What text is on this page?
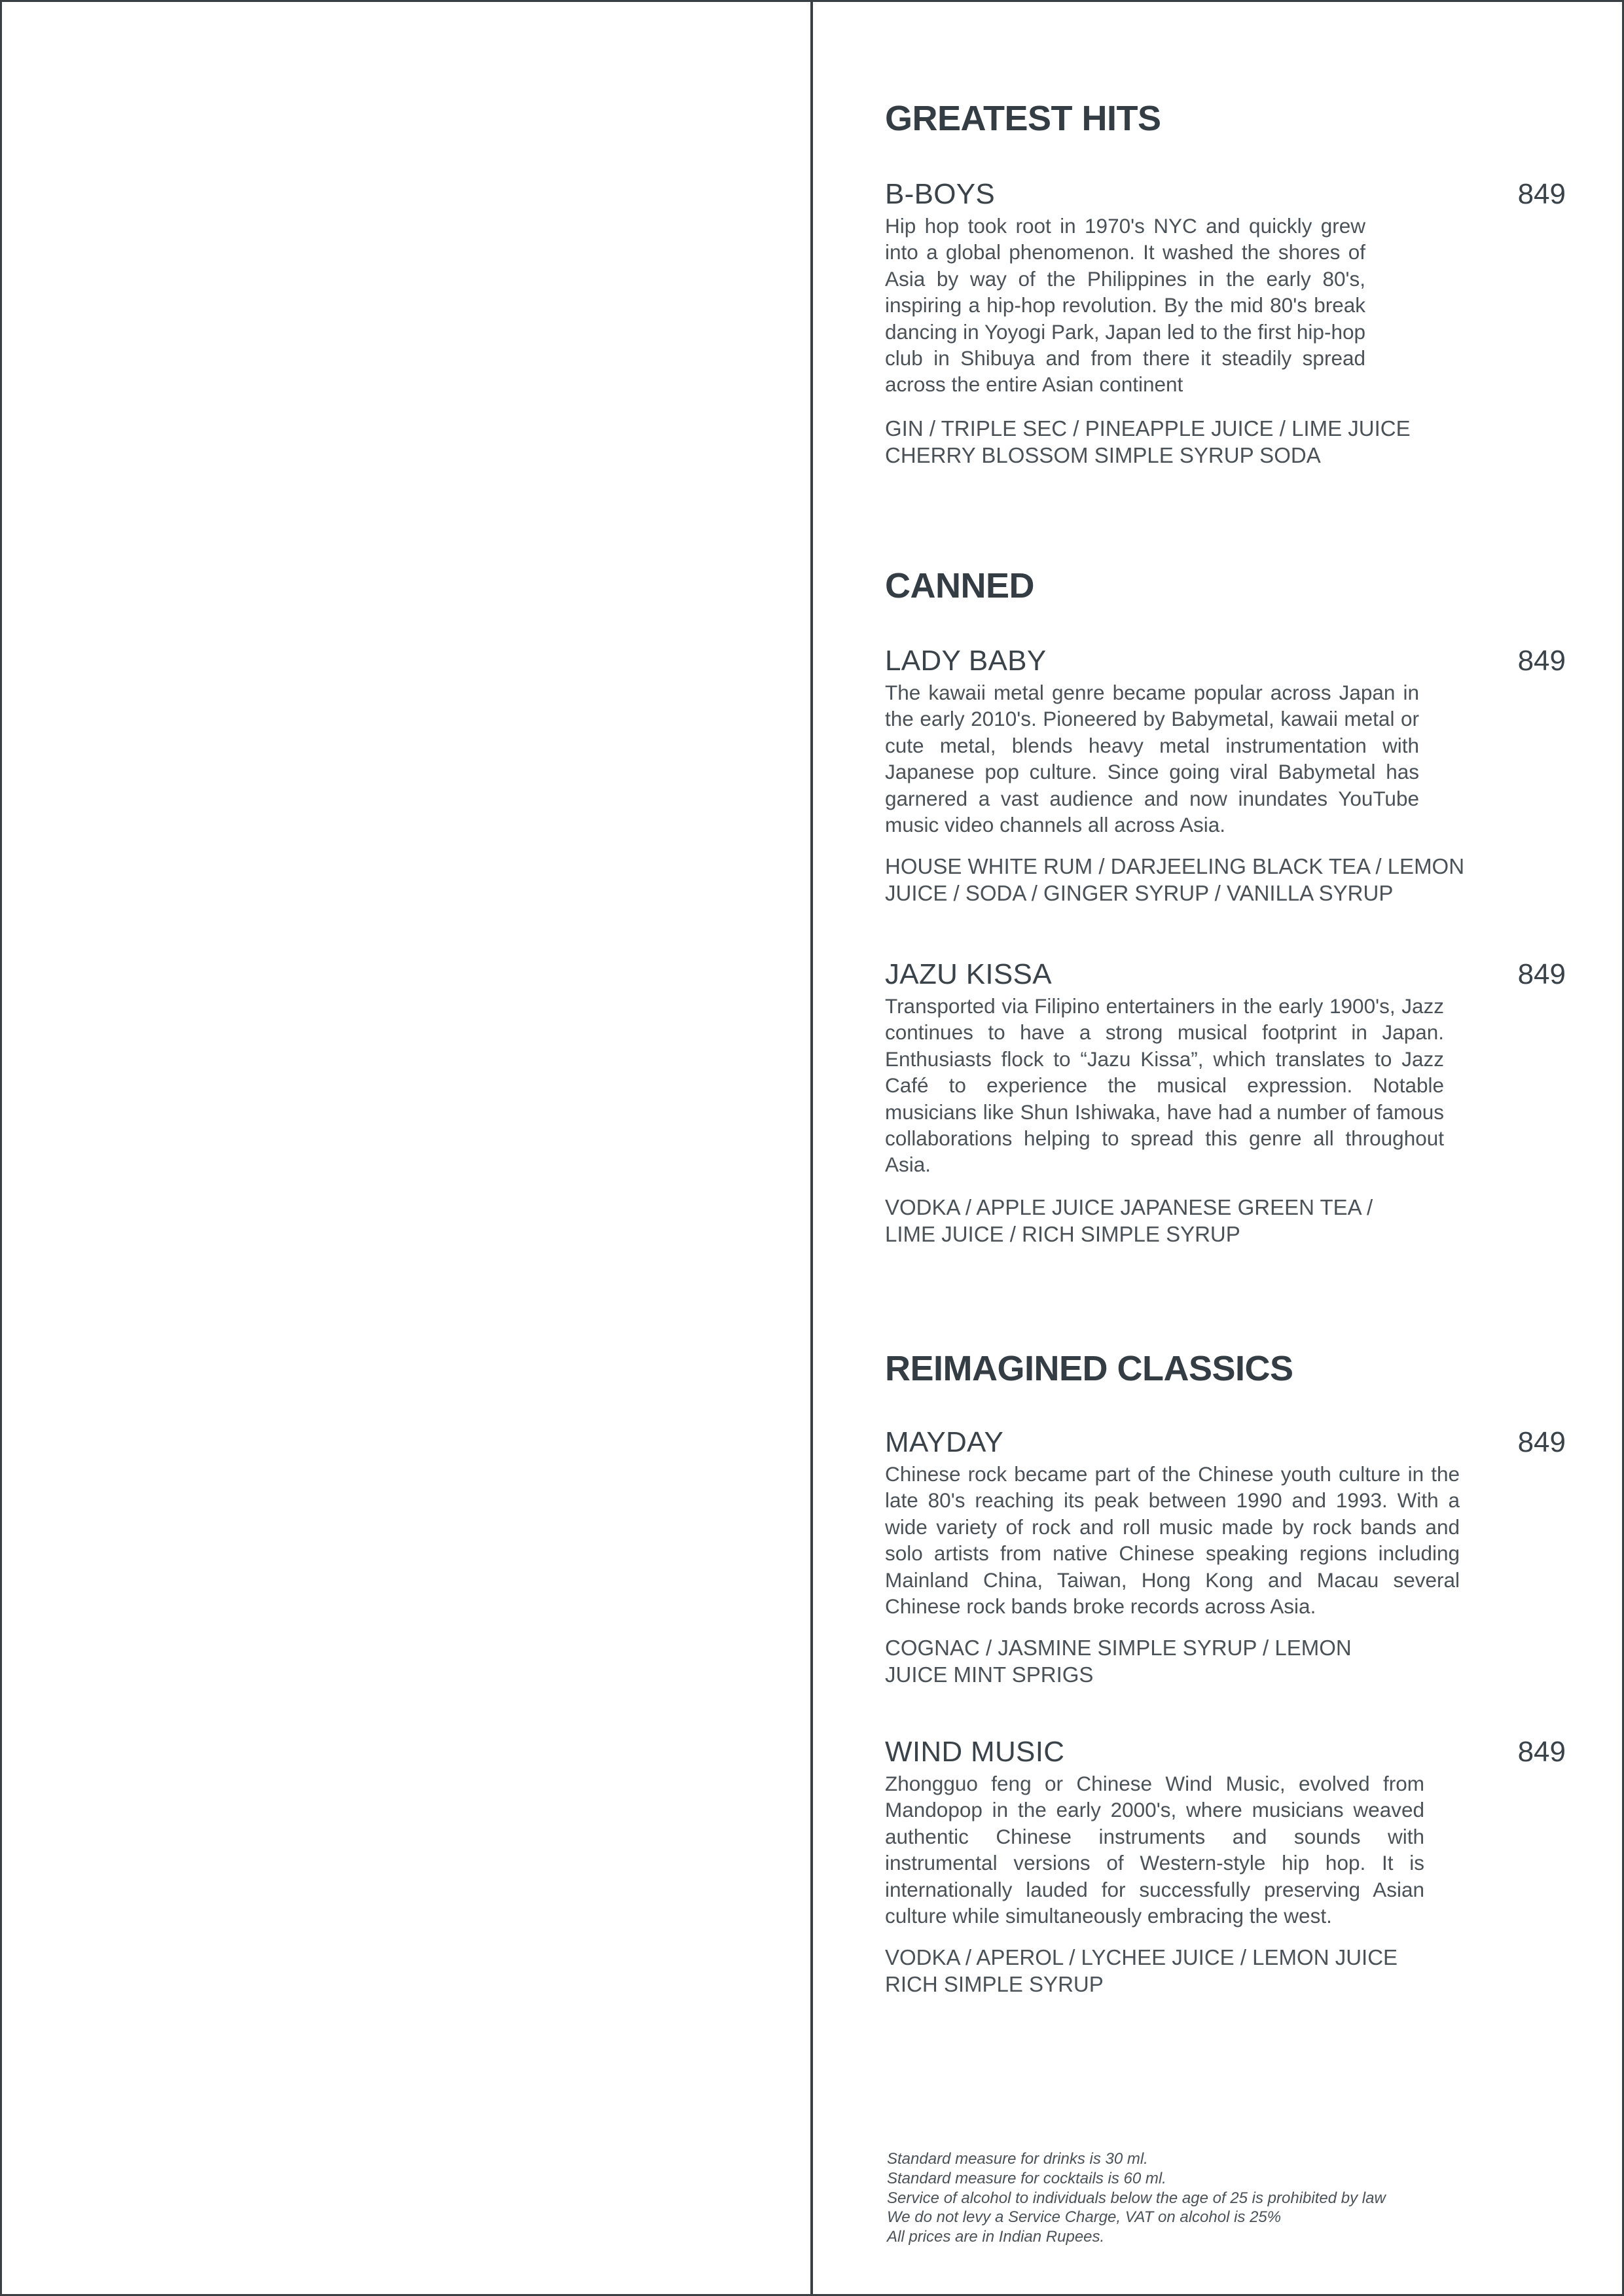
GREATEST HITS
B-BOYS	849
Hip hop took root in 1970's NYC and quickly grew into a global phenomenon. It washed the shores of Asia by way of the Philippines in the early 80's, inspiring a hip-hop revolution. By the mid 80's break dancing in Yoyogi Park, Japan led to the first hip-hop club in Shibuya and from there it steadily spread across the entire Asian continent
GIN / TRIPLE SEC / PINEAPPLE JUICE / LIME JUICE
CHERRY BLOSSOM SIMPLE SYRUP SODA
CANNED
LADY BABY	849
The kawaii metal genre became popular across Japan in the early 2010's. Pioneered by Babymetal, kawaii metal or cute metal, blends heavy metal instrumentation with Japanese pop culture. Since going viral Babymetal has garnered a vast audience and now inundates YouTube music video channels all across Asia.
HOUSE WHITE RUM / DARJEELING BLACK TEA / LEMON
JUICE / SODA / GINGER SYRUP / VANILLA SYRUP
JAZU KISSA	849
Transported via Filipino entertainers in the early 1900's, Jazz continues to have a strong musical footprint in Japan. Enthusiasts flock to “Jazu Kissa”, which translates to Jazz Café to experience the musical expression. Notable musicians like Shun Ishiwaka, have had a number of famous collaborations helping to spread this genre all throughout Asia.
VODKA / APPLE JUICE JAPANESE GREEN TEA /
LIME JUICE / RICH SIMPLE SYRUP
REIMAGINED CLASSICS
MAYDAY	849
Chinese rock became part of the Chinese youth culture in the late 80's reaching its peak between 1990 and 1993. With a wide variety of rock and roll music made by rock bands and solo artists from native Chinese speaking regions including Mainland China, Taiwan, Hong Kong and Macau several Chinese rock bands broke records across Asia.
COGNAC / JASMINE SIMPLE SYRUP / LEMON
JUICE MINT SPRIGS
WIND MUSIC	849
Zhongguo feng or Chinese Wind Music, evolved from Mandopop in the early 2000's, where musicians weaved authentic Chinese instruments and sounds with instrumental versions of Western-style hip hop. It is internationally lauded for successfully preserving Asian culture while simultaneously embracing the west.
VODKA / APEROL / LYCHEE JUICE / LEMON JUICE
RICH SIMPLE SYRUP
Standard measure for drinks is 30 ml.
Standard measure for cocktails is 60 ml.
Service of alcohol to individuals below the age of 25 is prohibited by law
We do not levy a Service Charge, VAT on alcohol is 25%
All prices are in Indian Rupees.
